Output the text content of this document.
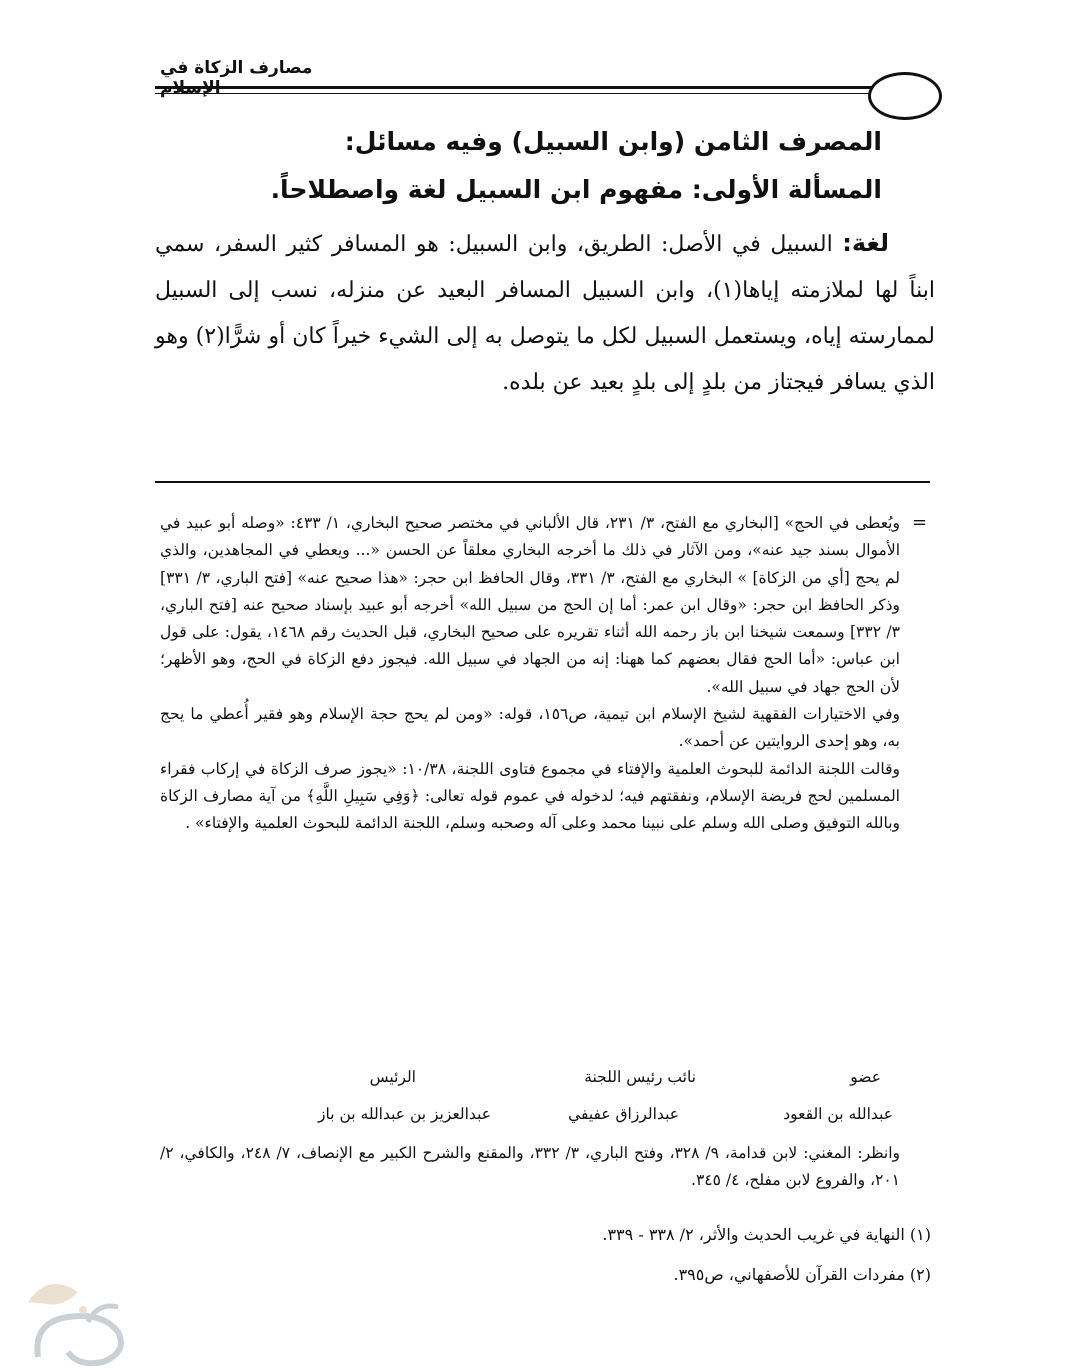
مصارف الزكاة في
المصرف الثامن (وابن السبيل) وفيه مسائل:
المسألة الأولى: مفهوم ابن السبيل لغة واصطلاحاً.
لغة: السبيل في الأصل: الطريق، وابن السبيل: هو المسافر كثير السفر، سمي ابناً لها لملازمته إياها(١)، وابن السبيل المسافر البعيد عن منزله، نسب إلى السبيل لممارسته إياه، ويستعمل السبيل لكل ما يتوصل به إلى الشيء خيراً كان أو شرًّا(٢) وهو الذي يسافر فيجتاز من بلدٍ إلى بلدٍ بعيد عن بلده.
=

ويُعطى في الحج» [البخاري مع الفتح، ٣/ ٢٣١، قال الألباني في مختصر صحيح البخاري، ١/ ٤٣٣: «وصله أبو عبيد في الأموال بسند جيد عنه»، ومن الآثار في ذلك ما أخرجه البخاري معلقاً عن الحسن «... ويعطي في المجاهدين، والذي لم يحج [أي من الزكاة] » البخاري مع الفتح، ٣/ ٣٣١، وقال الحافظ ابن حجر: «هذا صحيح عنه» [فتح الباري، ٣/ ٣٣١] وذكر الحافظ ابن حجر: «وقال ابن عمر: أما إن الحج من سبيل الله» أخرجه أبو عبيد بإسناد صحيح عنه [فتح الباري، ٣/ ٣٣٢] وسمعت شيخنا ابن باز رحمه الله أثناء تقريره على صحيح البخاري، قبل الحديث رقم ١٤٦٨، يقول: على قول ابن عباس: «أما الحج فقال بعضهم كما ههنا: إنه من الجهاد في سبيل الله. فيجوز دفع الزكاة في الحج، وهو الأظهر؛ لأن الحج جهاد في سبيل الله».

وفي الاختيارات الفقهية لشيخ الإسلام ابن تيمية، ص١٥٦، قوله: «ومن لم يحج حجة الإسلام وهو فقير أُعطي ما يحج به، وهو إحدى الروايتين عن أحمد».

وقالت اللجنة الدائمة للبحوث العلمية والإفتاء في مجموع فتاوى اللجنة، ١٠/٣٨: «يجوز صرف الزكاة في إركاب فقراء المسلمين لحج فريضة الإسلام، ونفقتهم فيه؛ لدخوله في عموم قوله تعالى: ﴿وَفِي سَبِيلِ اللَّهِ﴾ من آية مصارف الزكاة وبالله التوفيق وصلى الله وسلم على نبينا محمد وعلى آله وصحبه وسلم، اللجنة الدائمة للبحوث العلمية والإفتاء» .

عضو
نائب رئيس اللجنة
الرئيس
عبدالله بن القعود
عبدالرزاق عفيفي
عبدالعزيز بن عبدالله بن باز

وانظر: المغني: لابن قدامة، ٩/ ٣٢٨، وفتح الباري، ٣/ ٣٣٢، والمقنع والشرح الكبير مع الإنصاف، ٧/ ٢٤٨، والكافي، ٢/ ٢٠١، والفروع لابن مفلح، ٤/ ٣٤٥.

(١) النهاية في غريب الحديث والأثر، ٢/ ٣٣٨ - ٣٣٩.
(٢) مفردات القرآن للأصفهاني، ص٣٩٥.
